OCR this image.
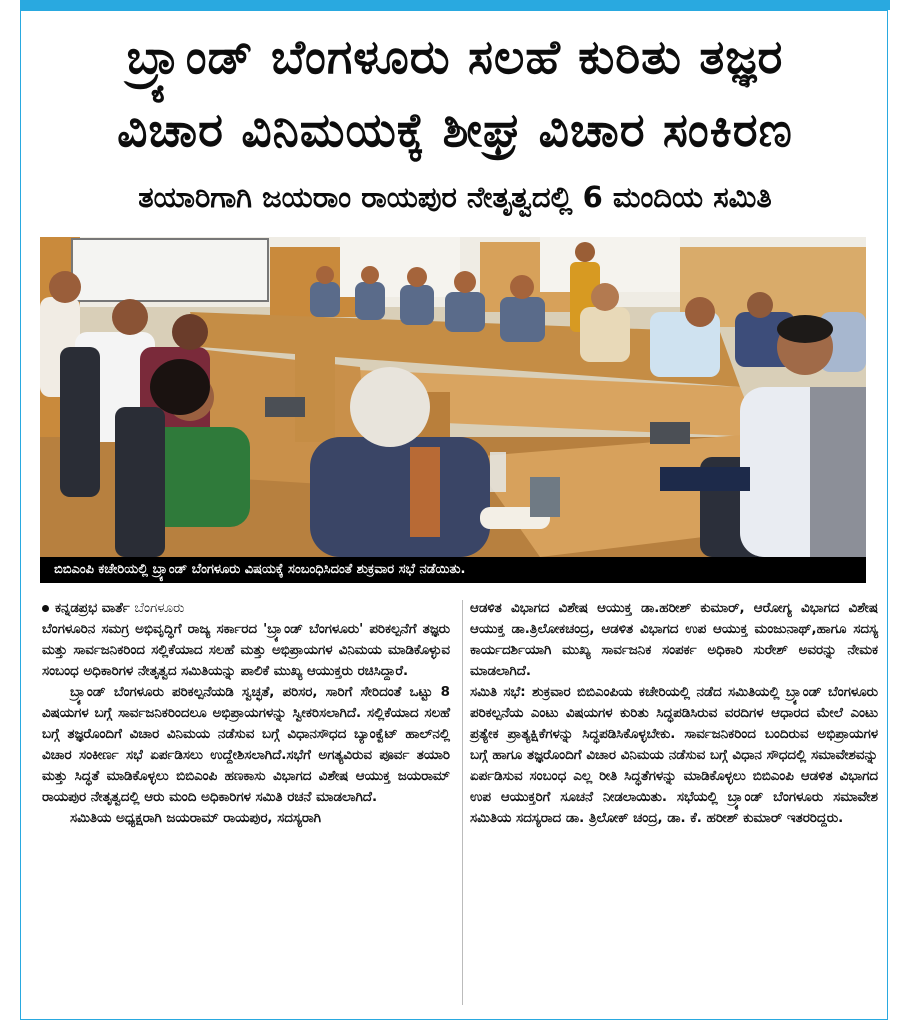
ಬ್ರ್ಯಾಂಡ್ ಬೆಂಗಳೂರು ಸಲಹೆ ಕುರಿತು ತಜ್ಞರ
ವಿಚಾರ ವಿನಿಮಯಕ್ಕೆ ಶೀಘ್ರ ವಿಚಾರ ಸಂಕಿರಣ
ತಯಾರಿಗಾಗಿ ಜಯರಾಂ ರಾಯಪುರ ನೇತೃತ್ವದಲ್ಲಿ 6 ಮಂದಿಯ ಸಮಿತಿ
ಬಿಬಿಎಂಪಿ ಕಚೇರಿಯಲ್ಲಿ ಬ್ರ್ಯಾಂಡ್ ಬೆಂಗಳೂರು ವಿಷಯಕ್ಕೆ ಸಂಬಂಧಿಸಿದಂತೆ ಶುಕ್ರವಾರ ಸಭೆ ನಡೆಯಿತು.

ಕನ್ನಡಪ್ರಭ ವಾರ್ತೆ ಬೆಂಗಳೂರು

ಬೆಂಗಳೂರಿನ ಸಮಗ್ರ ಅಭಿವೃದ್ಧಿಗೆ ರಾಜ್ಯ ಸರ್ಕಾರದ 'ಬ್ರ್ಯಾಂಡ್ ಬೆಂಗಳೂರು' ಪರಿಕಲ್ಪನೆಗೆ ತಜ್ಞರು ಮತ್ತು ಸಾರ್ವಜನಿಕರಿಂದ ಸಲ್ಲಿಕೆಯಾದ ಸಲಹೆ ಮತ್ತು ಅಭಿಪ್ರಾಯಗಳ ವಿನಿಮಯ ಮಾಡಿಕೊಳ್ಳುವ ಸಂಬಂಧ ಅಧಿಕಾರಿಗಳ ನೇತೃತ್ವದ ಸಮಿತಿಯನ್ನು ಪಾಲಿಕೆ ಮುಖ್ಯ ಆಯುಕ್ತರು ರಚಿಸಿದ್ದಾರೆ.

ಬ್ರ್ಯಾಂಡ್ ಬೆಂಗಳೂರು ಪರಿಕಲ್ಪನೆಯಡಿ ಸ್ವಚ್ಛತೆ, ಪರಿಸರ, ಸಾರಿಗೆ ಸೇರಿದಂತೆ ಒಟ್ಟು 8 ವಿಷಯಗಳ ಬಗ್ಗೆ ಸಾರ್ವಜನಿಕರಿಂದಲೂ ಅಭಿಪ್ರಾಯಗಳನ್ನು ಸ್ವೀಕರಿಸಲಾಗಿದೆ. ಸಲ್ಲಿಕೆಯಾದ ಸಲಹೆ ಬಗ್ಗೆ ತಜ್ಞರೊಂದಿಗೆ ವಿಚಾರ ವಿನಿಮಯ ನಡೆಸುವ ಬಗ್ಗೆ ವಿಧಾನಸೌಧದ ಬ್ಯಾಂಕ್ವೆಟ್ ಹಾಲ್‌ನಲ್ಲಿ ವಿಚಾರ ಸಂಕೀರ್ಣ ಸಭೆ ಏರ್ಪಡಿಸಲು ಉದ್ದೇಶಿಸಲಾಗಿದೆ.ಸಭೆಗೆ ಅಗತ್ಯವಿರುವ ಪೂರ್ವ ತಯಾರಿ ಮತ್ತು ಸಿದ್ಧತೆ ಮಾಡಿಕೊಳ್ಳಲು ಬಿಬಿಎಂಪಿ ಹಣಕಾಸು ವಿಭಾಗದ ವಿಶೇಷ ಆಯುಕ್ತ ಜಯರಾಮ್ ರಾಯಪುರ ನೇತೃತ್ವದಲ್ಲಿ ಆರು ಮಂದಿ ಅಧಿಕಾರಿಗಳ ಸಮಿತಿ ರಚನೆ ಮಾಡಲಾಗಿದೆ.

ಸಮಿತಿಯ ಅಧ್ಯಕ್ಷರಾಗಿ ಜಯರಾಮ್ ರಾಯಪುರ, ಸದಸ್ಯರಾಗಿ

ಆಡಳಿತ ವಿಭಾಗದ ವಿಶೇಷ ಆಯುಕ್ತ ಡಾ.ಹರೀಶ್ ಕುಮಾರ್, ಆರೋಗ್ಯ ವಿಭಾಗದ ವಿಶೇಷ ಆಯುಕ್ತ ಡಾ.ತ್ರಿಲೋಕಚಂದ್ರ, ಆಡಳಿತ ವಿಭಾಗದ ಉಪ ಆಯುಕ್ತ ಮಂಜುನಾಥ್,ಹಾಗೂ ಸದಸ್ಯ ಕಾರ್ಯದರ್ಶಿಯಾಗಿ ಮುಖ್ಯ ಸಾರ್ವಜನಿಕ ಸಂಪರ್ಕ ಅಧಿಕಾರಿ ಸುರೇಶ್ ಅವರನ್ನು ನೇಮಕ ಮಾಡಲಾಗಿದೆ.

ಸಮಿತಿ ಸಭೆ: ಶುಕ್ರವಾರ ಬಿಬಿಎಂಪಿಯ ಕಚೇರಿಯಲ್ಲಿ ನಡೆದ ಸಮಿತಿಯಲ್ಲಿ ಬ್ರ್ಯಾಂಡ್ ಬೆಂಗಳೂರು ಪರಿಕಲ್ಪನೆಯ ಎಂಟು ವಿಷಯಗಳ ಕುರಿತು ಸಿದ್ಧಪಡಿಸಿರುವ ವರದಿಗಳ ಆಧಾರದ ಮೇಲೆ ಎಂಟು ಪ್ರತ್ಯೇಕ ಪ್ರಾತ್ಯಕ್ಷಿಕೆಗಳನ್ನು ಸಿದ್ಧಪಡಿಸಿಕೊಳ್ಳಬೇಕು. ಸಾರ್ವಜನಿಕರಿಂದ ಬಂದಿರುವ ಅಭಿಪ್ರಾಯಗಳ ಬಗ್ಗೆ ಹಾಗೂ ತಜ್ಞರೊಂದಿಗೆ ವಿಚಾರ ವಿನಿಮಯ ನಡೆಸುವ ಬಗ್ಗೆ ವಿಧಾನ ಸೌಧದಲ್ಲಿ ಸಮಾವೇಶವನ್ನು ಏರ್ಪಡಿಸುವ ಸಂಬಂಧ ಎಲ್ಲ ರೀತಿ ಸಿದ್ಧತೆಗಳನ್ನು ಮಾಡಿಕೊಳ್ಳಲು ಬಿಬಿಎಂಪಿ ಆಡಳಿತ ವಿಭಾಗದ ಉಪ ಆಯುಕ್ತರಿಗೆ ಸೂಚನೆ ನೀಡಲಾಯಿತು. ಸಭೆಯಲ್ಲಿ ಬ್ರ್ಯಾಂಡ್ ಬೆಂಗಳೂರು ಸಮಾವೇಶ ಸಮಿತಿಯ ಸದಸ್ಯರಾದ ಡಾ. ತ್ರಿಲೋಕ್ ಚಂದ್ರ, ಡಾ. ಕೆ. ಹರೀಶ್ ಕುಮಾರ್ ಇತರರಿದ್ದರು.
